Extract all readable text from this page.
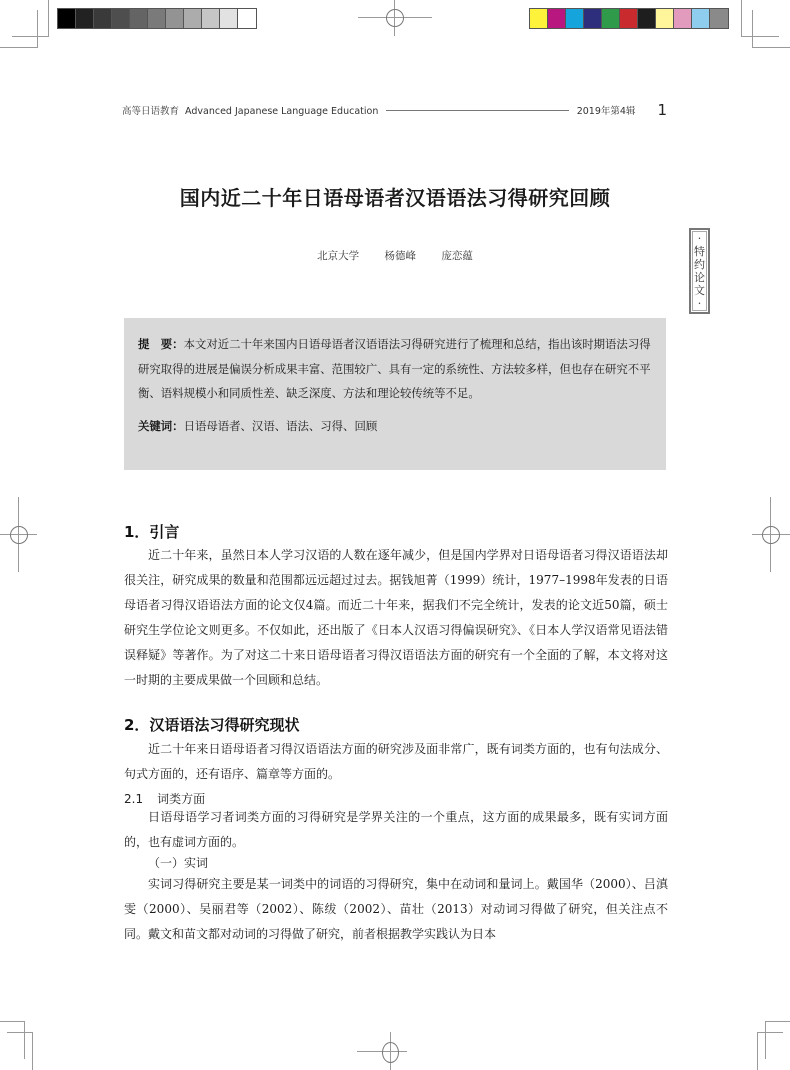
高等日语教育  Advanced Japanese Language Education	2019年第4辑 1
国内近二十年日语母语者汉语语法习得研究回顾
北京大学 杨德峰 庞恋蕴
·
特
约
论
文
·
提　要：本文对近二十年来国内日语母语者汉语语法习得研究进行了梳理和总结，指出该时期语法习得研究取得的进展是偏误分析成果丰富、范围较广、具有一定的系统性、方法较多样，但也存在研究不平衡、语料规模小和同质性差、缺乏深度、方法和理论较传统等不足。
关键词：日语母语者、汉语、语法、习得、回顾
1．引言
近二十年来，虽然日本人学习汉语的人数在逐年减少，但是国内学界对日语母语者习得汉语语法却很关注，研究成果的数量和范围都远远超过过去。据钱旭菁（1999）统计，1977–1998年发表的日语母语者习得汉语语法方面的论文仅4篇。而近二十年来，据我们不完全统计，发表的论文近50篇，硕士研究生学位论文则更多。不仅如此，还出版了《日本人汉语习得偏误研究》、《日本人学汉语常见语法错误释疑》等著作。为了对这二十来日语母语者习得汉语语法方面的研究有一个全面的了解，本文将对这一时期的主要成果做一个回顾和总结。
2．汉语语法习得研究现状
近二十年来日语母语者习得汉语语法方面的研究涉及面非常广，既有词类方面的，也有句法成分、句式方面的，还有语序、篇章等方面的。
2.1 词类方面
日语母语学习者词类方面的习得研究是学界关注的一个重点，这方面的成果最多，既有实词方面的，也有虚词方面的。
（一）实词
实词习得研究主要是某一词类中的词语的习得研究，集中在动词和量词上。戴国华（2000）、吕滇雯（2000）、吴丽君等（2002）、陈绂（2002）、苗壮（2013）对动词习得做了研究，但关注点不同。戴文和苗文都对动词的习得做了研究，前者根据教学实践认为日本
